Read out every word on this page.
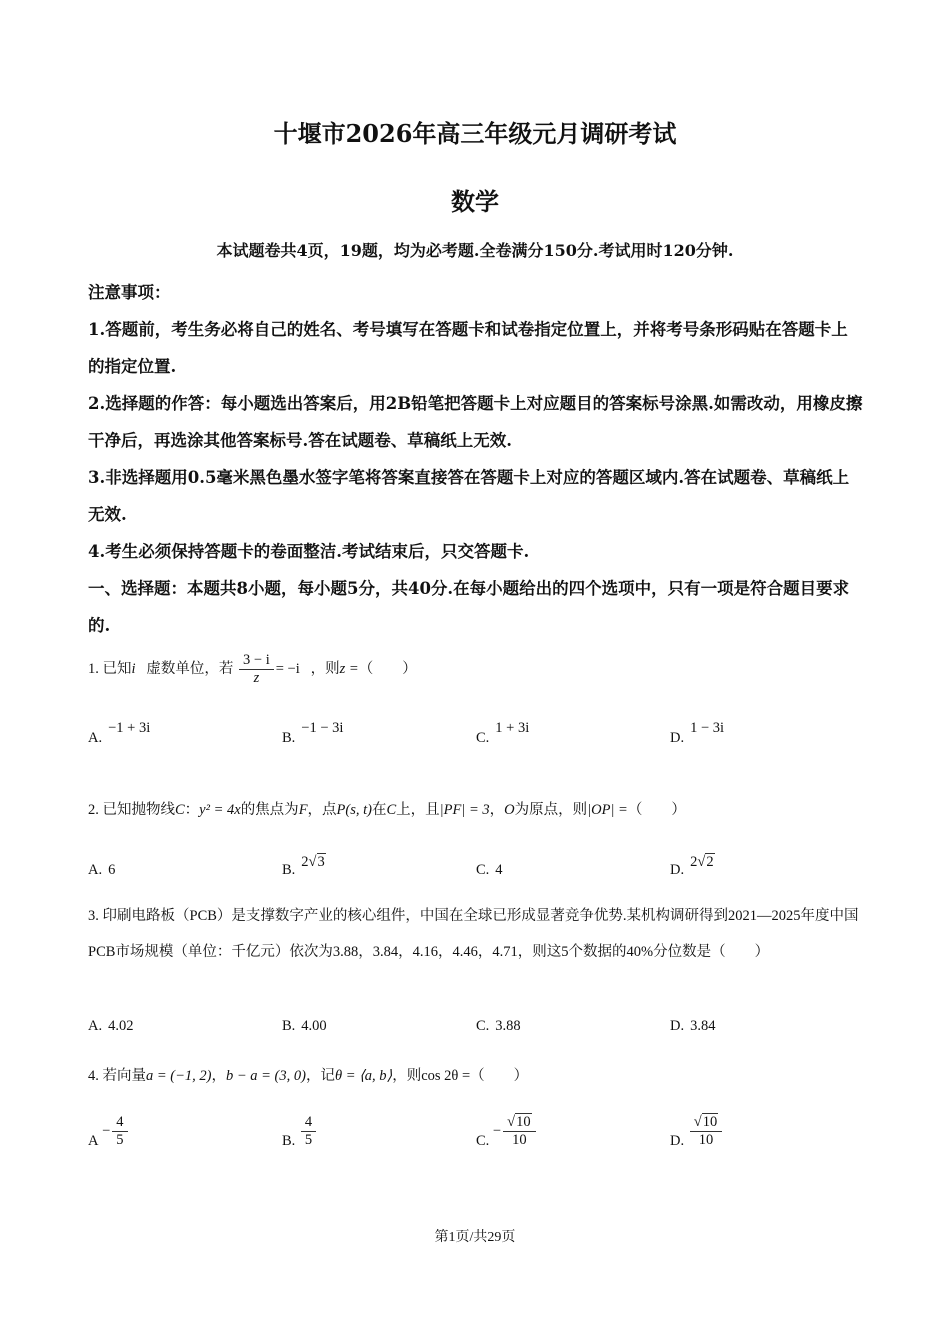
十堰市2026年高三年级元月调研考试
数学
本试题卷共4页，19题，均为必考题.全卷满分150分.考试用时120分钟.

注意事项：

1.答题前，考生务必将自己的姓名、考号填写在答题卡和试卷指定位置上，并将考号条形码贴在答题卡上的指定位置.

2.选择题的作答：每小题选出答案后，用2B铅笔把答题卡上对应题目的答案标号涂黑.如需改动，用橡皮擦干净后，再选涂其他答案标号.答在试题卷、草稿纸上无效.

3.非选择题用0.5毫米黑色墨水签字笔将答案直接答在答题卡上对应的答题区域内.答在试题卷、草稿纸上无效.

4.考生必须保持答题卡的卷面整洁.考试结束后，只交答题卡.

一、选择题：本题共8小题，每小题5分，共40分.在每小题给出的四个选项中，只有一项是符合题目要求的.

1. 已知i 虚数单位，若 $\frac{3 - i}{z} = -i$ ，则z =（　　）
A.−1 + 3i
B.−1 − 3i
C.1 + 3i
D.1 − 3i
2. 已知抛物线C：y² = 4x的焦点为F，点P(s, t)在C上，且|PF| = 3，O为原点，则|OP| =（　　）
A. 6	B. 2√3	C. 4	D. 2√2
3. 印刷电路板（PCB）是支撑数字产业的核心组件，中国在全球已形成显著竞争优势.某机构调研得到2021—2025年度中国PCB市场规模（单位：千亿元）依次为3.88，3.84，4.16，4.46，4.71，则这5个数据的40%分位数是（　　）
A. 4.02	B. 4.00	C. 3.88	D. 3.84
4. 若向量a = (−1, 2)，b − a = (3, 0)，记θ = ⟨a, b⟩，则cos 2θ =（　　）
$A - \frac{4}{5}$	B. $\frac{4}{5}$	C. − $\frac{√10}{10}$	D. $\frac{√10}{10}$
第1页/共29页
